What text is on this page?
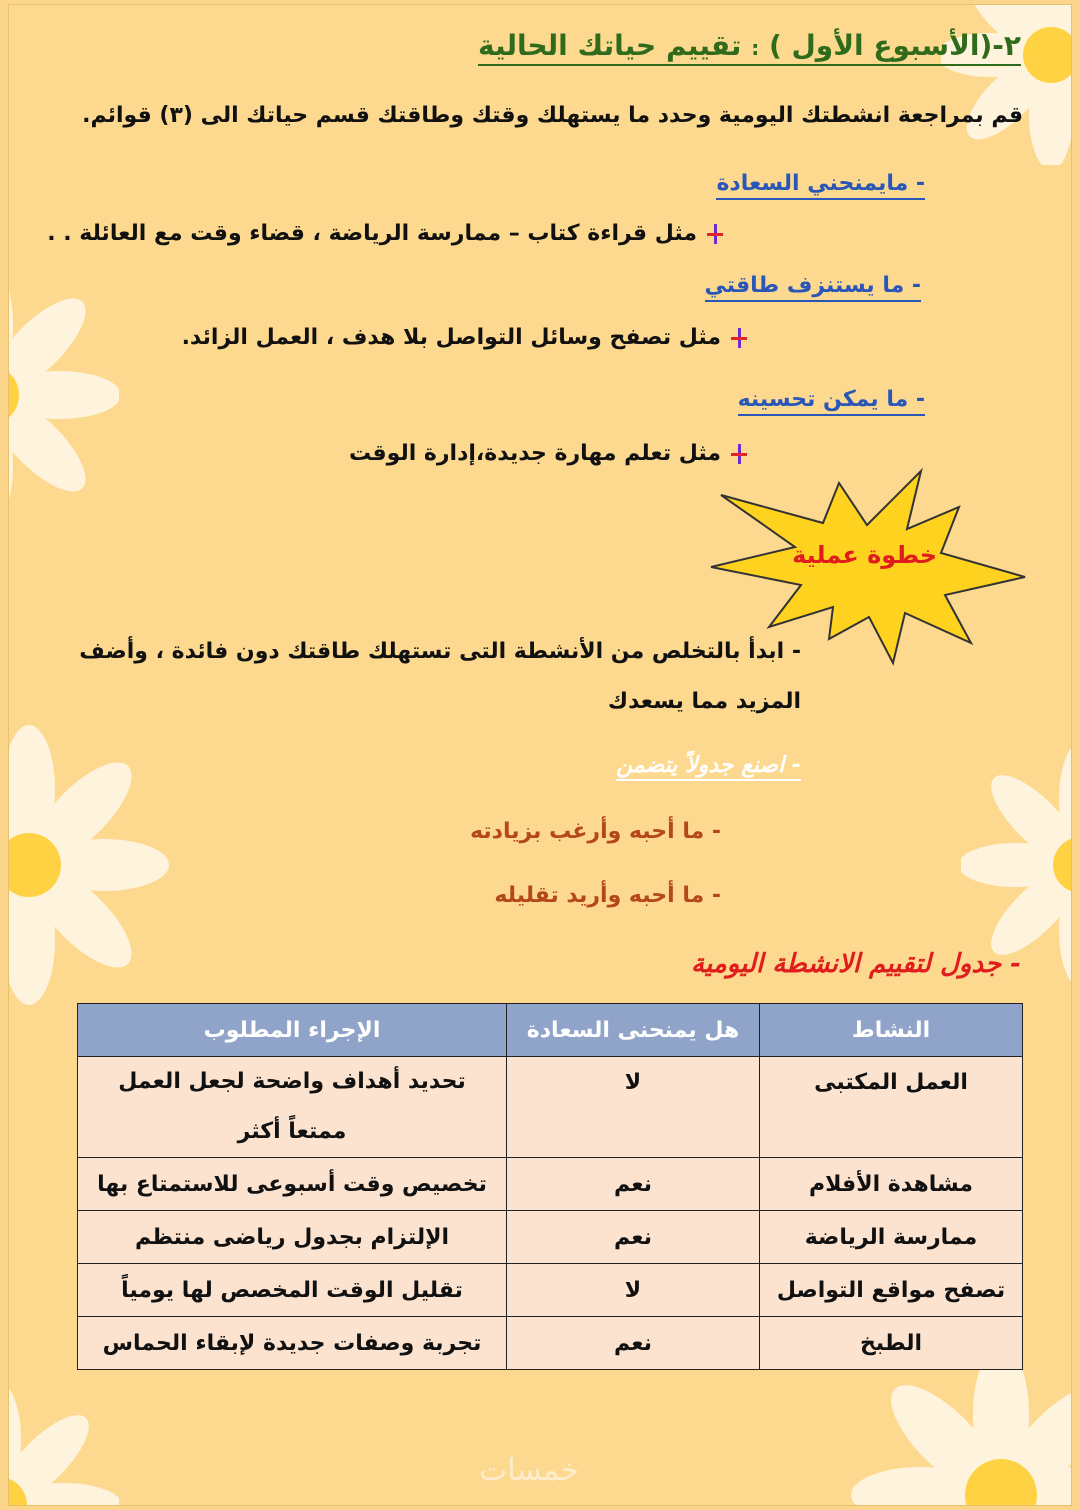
٢-(الأسبوع الأول ) : تقييم حياتك الحالية
قم بمراجعة انشطتك اليومية وحدد ما يستهلك وقتك وطاقتك قسم حياتك الى (٣) قوائم.
- مايمنحني السعادة
مثل قراءة كتاب – ممارسة الرياضة ، قضاء وقت مع العائلة . .
- ما يستنزف طاقتي
مثل تصفح وسائل التواصل بلا هدف ، العمل الزائد.
- ما يمكن تحسينه
مثل تعلم مهارة جديدة،إدارة الوقت
خطوة عملية
- ابدأ بالتخلص من الأنشطة التى تستهلك طاقتك دون فائدة ، وأضف المزيد مما يسعدك
- اصنع جدولاً يتضمن
- ما أحبه وأرغب بزيادته
- ما أحبه وأريد تقليله
- جدول لتقييم الانشطة اليومية
النشاط	هل يمنحنى السعادة	الإجراء المطلوب
العمل المكتبى	لا	تحديد أهداف واضحة لجعل العمل ممتعاً أكثر
مشاهدة الأفلام	نعم	تخصيص وقت أسبوعى للاستمتاع بها
ممارسة الرياضة	نعم	الإلتزام بجدول رياضى منتظم
تصفح مواقع التواصل	لا	تقليل الوقت المخصص لها يومياً
الطبخ	نعم	تجربة وصفات جديدة لإبقاء الحماس
خمسات
